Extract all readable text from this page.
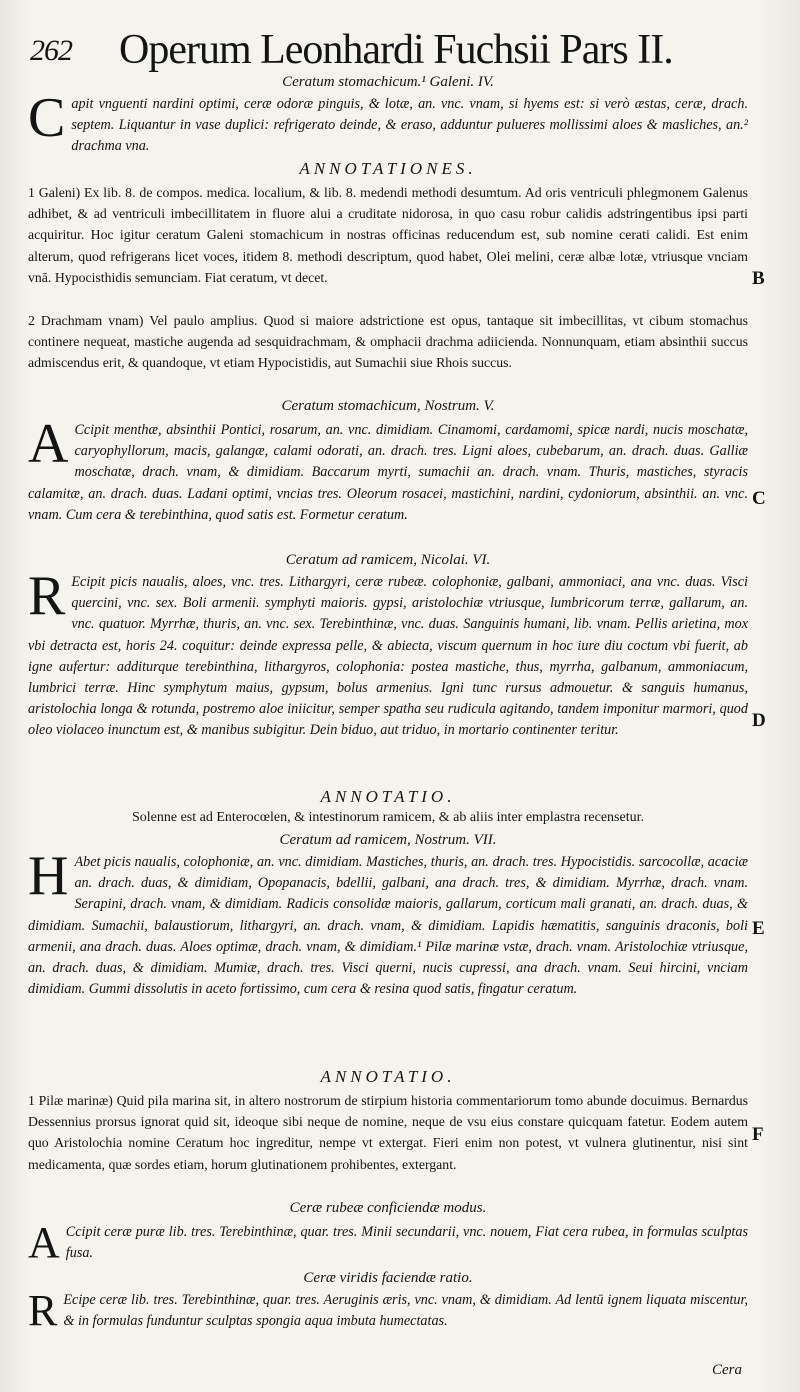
262 Operum Leonhardi Fuchsii Pars II.

Ceratum stomachicum.¹ Galeni. IV.

C apit vnguenti nardini optimi, ceræ odoræ pinguis, & lotæ, an. vnc. vnam, si hyems est: si verò æstas, ceræ, drach. septem. Liquantur in vase duplici: refrigerato deinde, & eraso, adduntur pulueres mollissimi aloes & masliches, an.² drachma vna.

ANNOTATIONES.

1 Galeni) Ex lib. 8. de compos. medica. localium, & lib. 8. medendi methodi desumtum. Ad oris ventriculi phlegmonem Galenus adhibet, & ad ventriculi imbecillitatem in fluore alui a cruditate nidorosa, in quo casu robur calidis adstringentibus ipsi parti acquiritur. Hoc igitur ceratum Galeni stomachicum in nostras officinas reducendum est, sub nomine cerati calidi. Est enim alterum, quod refrigerans licet voces, itidem 8. methodi descriptum, quod habet, Olei melini, ceræ albæ lotæ, vtriusque vnciam vnā. Hypocisthidis semunciam. Fiat ceratum, vt decet.

2 Drachmam vnam) Vel paulo amplius. Quod si maiore adstrictione est opus, tantaque sit imbecillitas, vt cibum stomachus continere nequeat, mastiche augenda ad sesquidrachmam, & omphacii drachma adiicienda. Nonnunquam, etiam absinthii succus admiscendus erit, & quandoque, vt etiam Hypocistidis, aut Sumachii siue Rhois succus.

Ceratum stomachicum, Nostrum. V.

A Ccipit menthæ, absinthii Pontici, rosarum, an. vnc. dimidiam. Cinamomi, cardamomi, spicæ nardi, nucis moschatæ, caryophyllorum, macis, galangæ, calami odorati, an. drach. tres. Ligni aloes, cubebarum, an. drach. duas. Galliæ moschatæ, drach. vnam, & dimidiam. Baccarum myrti, sumachii an. drach. vnam. Thuris, mastiches, styracis calamitæ, an. drach. duas. Ladani optimi, vncias tres. Oleorum rosacei, mastichini, nardini, cydoniorum, absinthii. an. vnc. vnam. Cum cera & terebinthina, quod satis est. Formetur ceratum.

Ceratum ad ramicem, Nicolai. VI.

R Ecipit picis naualis, aloes, vnc. tres. Lithargyri, ceræ rubeæ. colophoniæ, galbani, ammoniaci, ana vnc. duas. Visci quercini, vnc. sex. Boli armenii. symphyti maioris. gypsi, aristolochiæ vtriusque, lumbricorum terræ, gallarum, an. vnc. quatuor. Myrrhæ, thuris, an. vnc. sex. Terebinthinæ, vnc. duas. Sanguinis humani, lib. vnam. Pellis arietina, mox vbi detracta est, horis 24. coquitur: deinde expressa pelle, & abiecta, viscum quernum in hoc iure diu coctum vbi fuerit, ab igne aufertur: additurque terebinthina, lithargyros, colophonia: postea mastiche, thus, myrrha, galbanum, ammoniacum, lumbrici terræ. Hinc symphytum maius, gypsum, bolus armenius. Igni tunc rursus admouetur. & sanguis humanus, aristolochia longa & rotunda, postremo aloe iniicitur, semper spatha seu rudicula agitando, tandem imponitur marmori, quod oleo violaceo inunctum est, & manibus subigitur. Dein biduo, aut triduo, in mortario continenter teritur.

ANNOTATIO.

Solenne est ad Enterocœlen, & intestinorum ramicem, & ab aliis inter emplastra recensetur.

Ceratum ad ramicem, Nostrum. VII.

H Abet picis naualis, colophoniæ, an. vnc. dimidiam. Mastiches, thuris, an. drach. tres. Hypocistidis. sarcocollæ, acaciæ an. drach. duas, & dimidiam, Opopanacis, bdellii, galbani, ana drach. tres, & dimidiam. Myrrhæ, drach. vnam. Serapini, drach. vnam, & dimidiam. Radicis consolidæ maioris, gallarum, corticum mali granati, an. drach. duas, & dimidiam. Sumachii, balaustiorum, lithargyri, an. drach. vnam, & dimidiam. Lapidis hæmatitis, sanguinis draconis, boli armenii, ana drach. duas. Aloes optimæ, drach. vnam, & dimidiam.¹ Pilæ marinæ vstæ, drach. vnam. Aristolochiæ vtriusque, an. drach. duas, & dimidiam. Mumiæ, drach. tres. Visci querni, nucis cupressi, ana drach. vnam. Seui hircini, vnciam dimidiam. Gummi dissolutis in aceto fortissimo, cum cera & resina quod satis, fingatur ceratum.

ANNOTATIO.

1 Pilæ marinæ) Quid pila marina sit, in altero nostrorum de stirpium historia commentariorum tomo abunde docuimus. Bernardus Dessennius prorsus ignorat quid sit, ideoque sibi neque de nomine, neque de vsu eius constare quicquam fatetur. Eodem autem quo Aristolochia nomine Ceratum hoc ingreditur, nempe vt extergat. Fieri enim non potest, vt vulnera glutinentur, nisi sint medicamenta, quæ sordes etiam, horum glutinationem prohibentes, extergant.

Ceræ rubeæ conficiendæ modus.

A Ccipit ceræ puræ lib. tres. Terebinthinæ, quar. tres. Minii secundarii, vnc. nouem, Fiat cera rubea, in formulas sculptas fusa.

Ceræ viridis faciendæ ratio.

R Ecipe ceræ lib. tres. Terebinthinæ, quar. tres. Aeruginis æris, vnc. vnam, & dimidiam. Ad lentū ignem liquata miscentur, & in formulas funduntur sculptas spongia aqua imbuta humectatas.
B
C
D
E
F
Cera
